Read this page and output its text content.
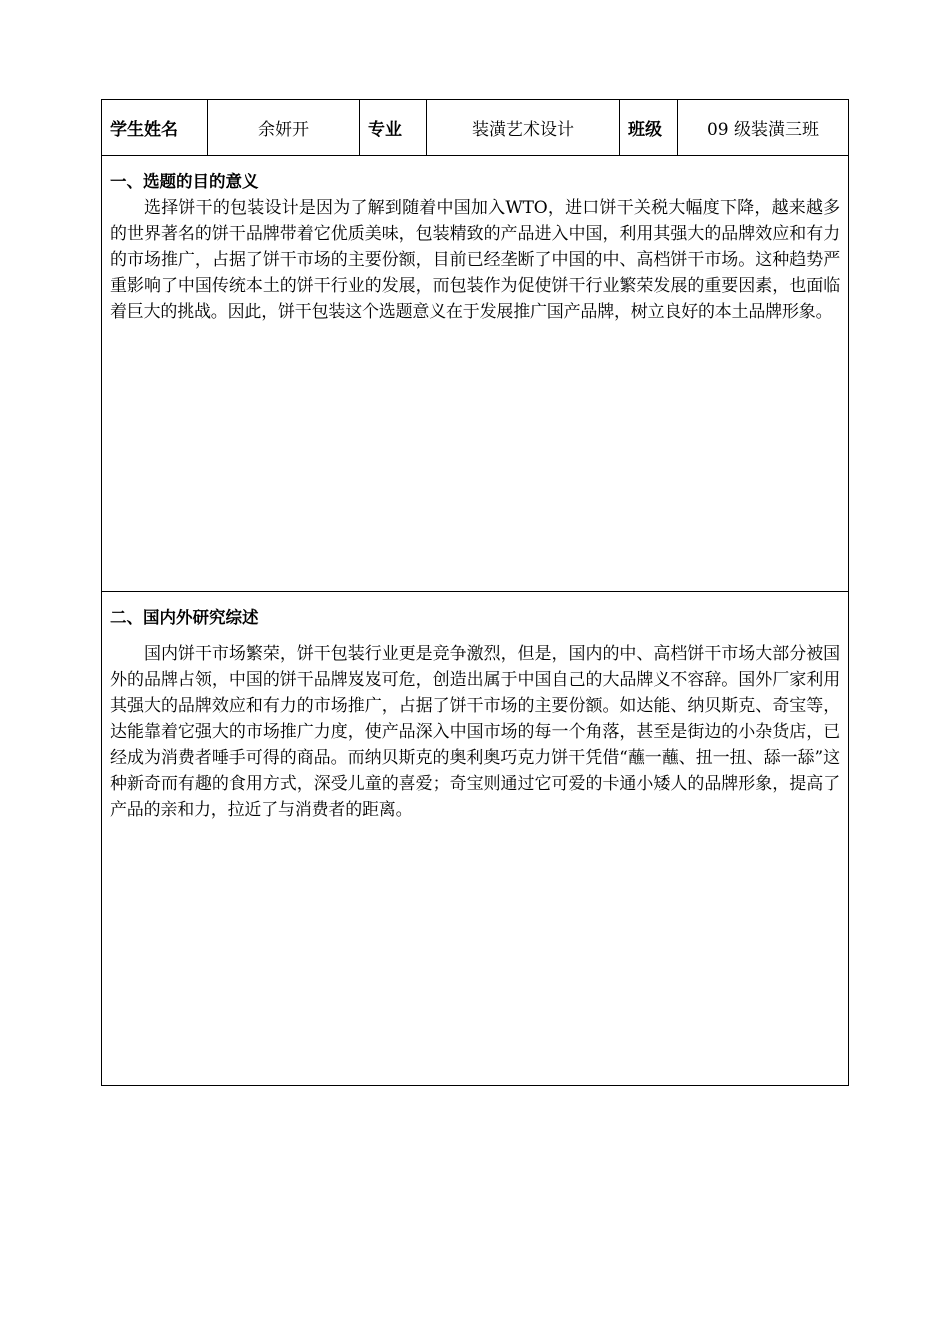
学生姓名	余妍开	专业	装潢艺术设计	班级	09 级装潢三班
一、选题的目的意义

选择饼干的包装设计是因为了解到随着中国加入WTO，进口饼干关税大幅度下降，越来越多的世界著名的饼干品牌带着它优质美味，包装精致的产品进入中国，利用其强大的品牌效应和有力的市场推广，占据了饼干市场的主要份额，目前已经垄断了中国的中、高档饼干市场。这种趋势严重影响了中国传统本土的饼干行业的发展，而包装作为促使饼干行业繁荣发展的重要因素，也面临着巨大的挑战。因此，饼干包装这个选题意义在于发展推广国产品牌，树立良好的本土品牌形象。

二、国内外研究综述

国内饼干市场繁荣，饼干包装行业更是竞争激烈，但是，国内的中、高档饼干市场大部分被国外的品牌占领，中国的饼干品牌岌岌可危，创造出属于中国自己的大品牌义不容辞。国外厂家利用其强大的品牌效应和有力的市场推广，占据了饼干市场的主要份额。如达能、纳贝斯克、奇宝等，达能靠着它强大的市场推广力度，使产品深入中国市场的每一个角落，甚至是街边的小杂货店，已经成为消费者唾手可得的商品。而纳贝斯克的奥利奥巧克力饼干凭借“蘸一蘸、扭一扭、舔一舔”这种新奇而有趣的食用方式，深受儿童的喜爱；奇宝则通过它可爱的卡通小矮人的品牌形象，提高了产品的亲和力，拉近了与消费者的距离。
